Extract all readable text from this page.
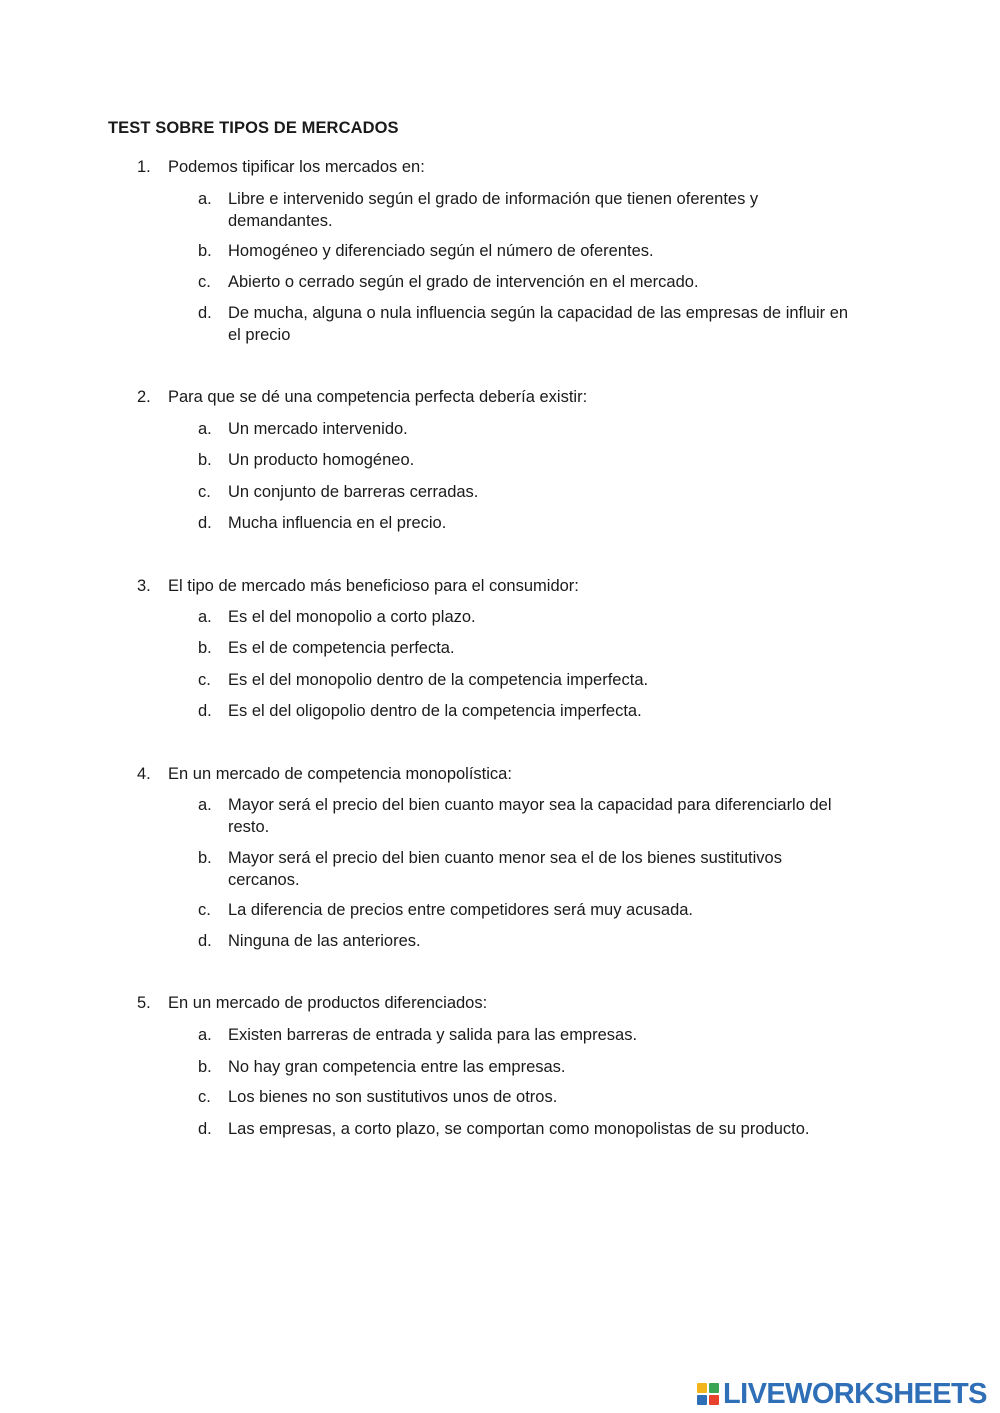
TEST SOBRE TIPOS DE MERCADOS
1. Podemos tipificar los mercados en:
a. Libre e intervenido según el grado de información que tienen oferentes y demandantes.
b. Homogéneo y diferenciado según el número de oferentes.
c. Abierto o cerrado según el grado de intervención en el mercado.
d. De mucha, alguna o nula influencia según la capacidad de las empresas de influir en el precio
2. Para que se dé una competencia perfecta debería existir:
a. Un mercado intervenido.
b. Un producto homogéneo.
c. Un conjunto de barreras cerradas.
d. Mucha influencia en el precio.
3. El tipo de mercado más beneficioso para el consumidor:
a. Es el del monopolio a corto plazo.
b. Es el de competencia perfecta.
c. Es el del monopolio dentro de la competencia imperfecta.
d. Es el del oligopolio dentro de la competencia imperfecta.
4. En un mercado de competencia monopolística:
a. Mayor será el precio del bien cuanto mayor sea la capacidad para diferenciarlo del resto.
b. Mayor será el precio del bien cuanto menor sea el de los bienes sustitutivos cercanos.
c. La diferencia de precios entre competidores será muy acusada.
d. Ninguna de las anteriores.
5. En un mercado de productos diferenciados:
a. Existen barreras de entrada y salida para las empresas.
b. No hay gran competencia entre las empresas.
c. Los bienes no son sustitutivos unos de otros.
d. Las empresas, a corto plazo, se comportan como monopolistas de su producto.
LIVEWORKSHEETS
